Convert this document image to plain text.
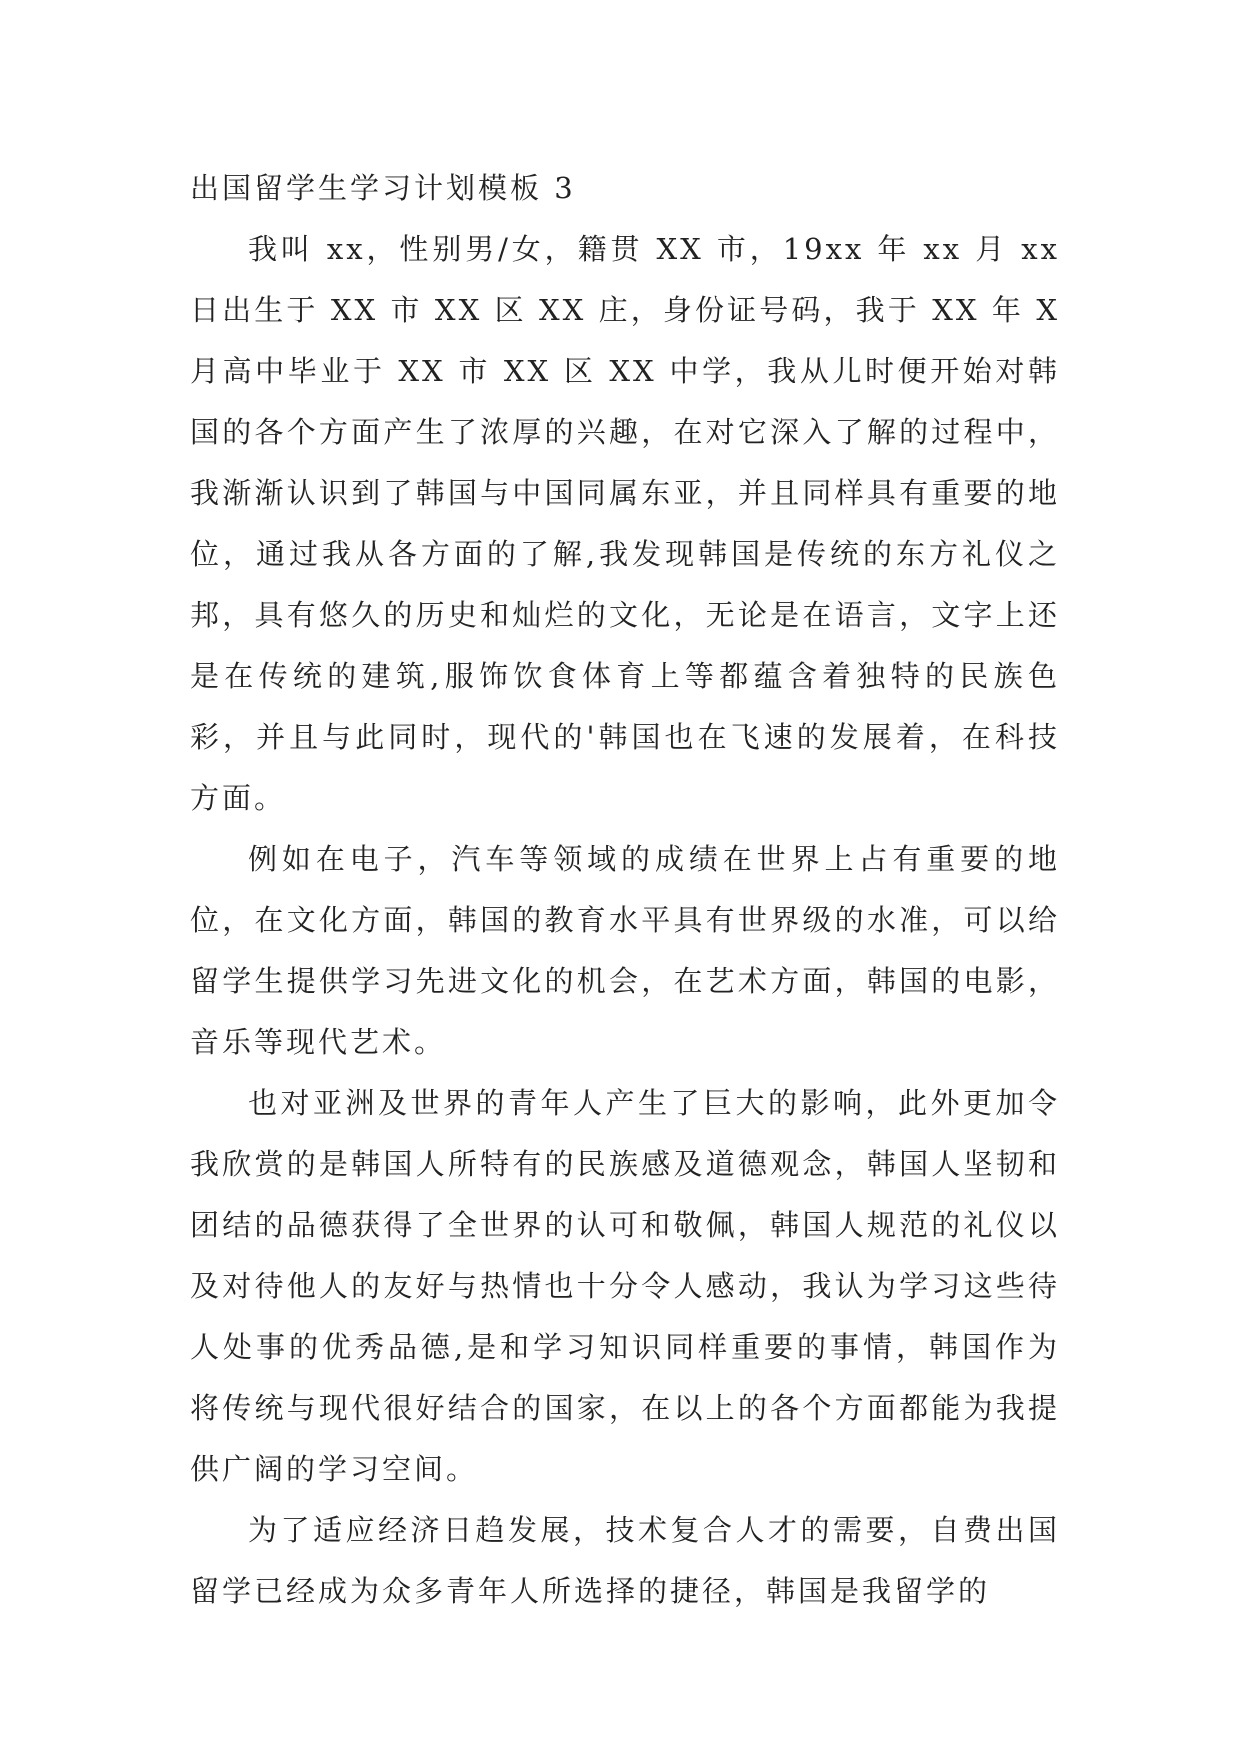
出国留学生学习计划模板 3

我叫 xx，性别男/女，籍贯 XX 市，19xx 年 xx 月 xx 日出生于 XX 市 XX 区 XX 庄，身份证号码，我于 XX 年 X 月高中毕业于 XX 市 XX 区 XX 中学，我从儿时便开始对韩国的各个方面产生了浓厚的兴趣，在对它深入了解的过程中，我渐渐认识到了韩国与中国同属东亚，并且同样具有重要的地位，通过我从各方面的了解,我发现韩国是传统的东方礼仪之邦，具有悠久的历史和灿烂的文化，无论是在语言，文字上还是在传统的建筑,服饰饮食体育上等都蕴含着独特的民族色彩，并且与此同时，现代的'韩国也在飞速的发展着，在科技方面。

例如在电子，汽车等领域的成绩在世界上占有重要的地位，在文化方面，韩国的教育水平具有世界级的水准，可以给留学生提供学习先进文化的机会，在艺术方面，韩国的电影，音乐等现代艺术。

也对亚洲及世界的青年人产生了巨大的影响，此外更加令我欣赏的是韩国人所特有的民族感及道德观念，韩国人坚韧和团结的品德获得了全世界的认可和敬佩，韩国人规范的礼仪以及对待他人的友好与热情也十分令人感动，我认为学习这些待人处事的优秀品德,是和学习知识同样重要的事情，韩国作为将传统与现代很好结合的国家，在以上的各个方面都能为我提供广阔的学习空间。

为了适应经济日趋发展，技术复合人才的需要，自费出国留学已经成为众多青年人所选择的捷径，韩国是我留学的
